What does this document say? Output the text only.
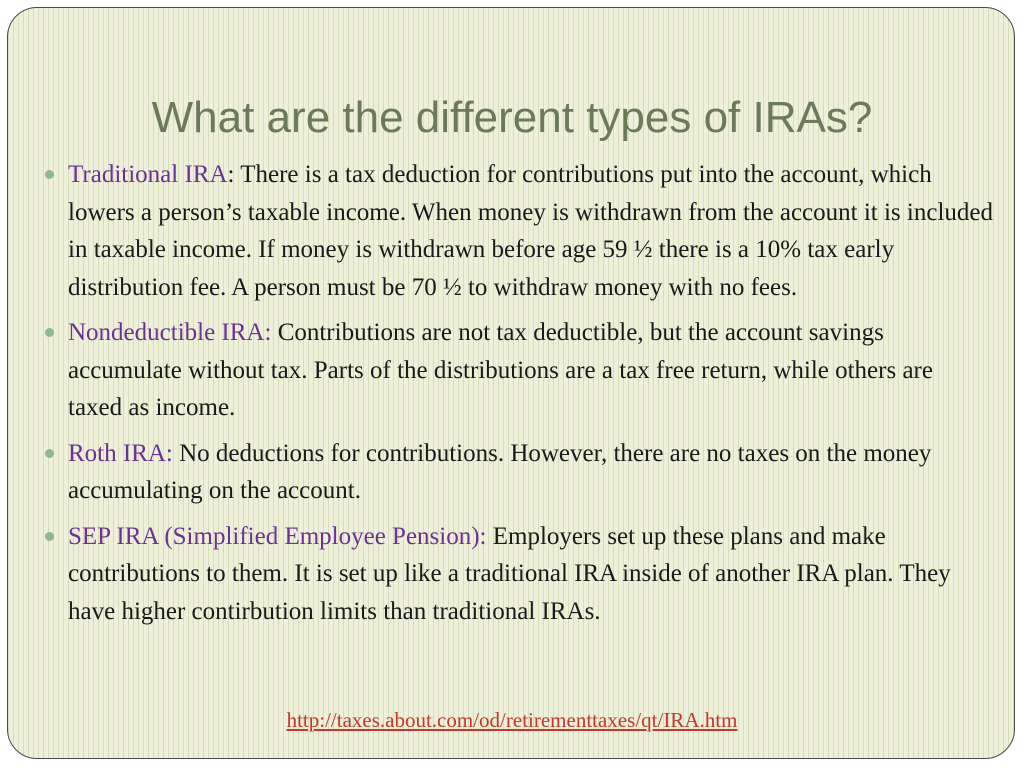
What are the different types of IRAs?
Traditional IRA: There is a tax deduction for contributions put into the account, which lowers a person’s taxable income. When money is withdrawn from the account it is included in taxable income. If money is withdrawn before age 59 ½ there is a 10% tax early distribution fee. A person must be 70 ½ to withdraw money with no fees.
Nondeductible IRA: Contributions are not tax deductible, but the account savings accumulate without tax. Parts of the distributions are a tax free return, while others are taxed as income.
Roth IRA: No deductions for contributions. However, there are no taxes on the money accumulating on the account.
SEP IRA (Simplified Employee Pension): Employers set up these plans and make contributions to them. It is set up like a traditional IRA inside of another IRA plan. They have higher contirbution limits than traditional IRAs.
http://taxes.about.com/od/retirementtaxes/qt/IRA.htm
